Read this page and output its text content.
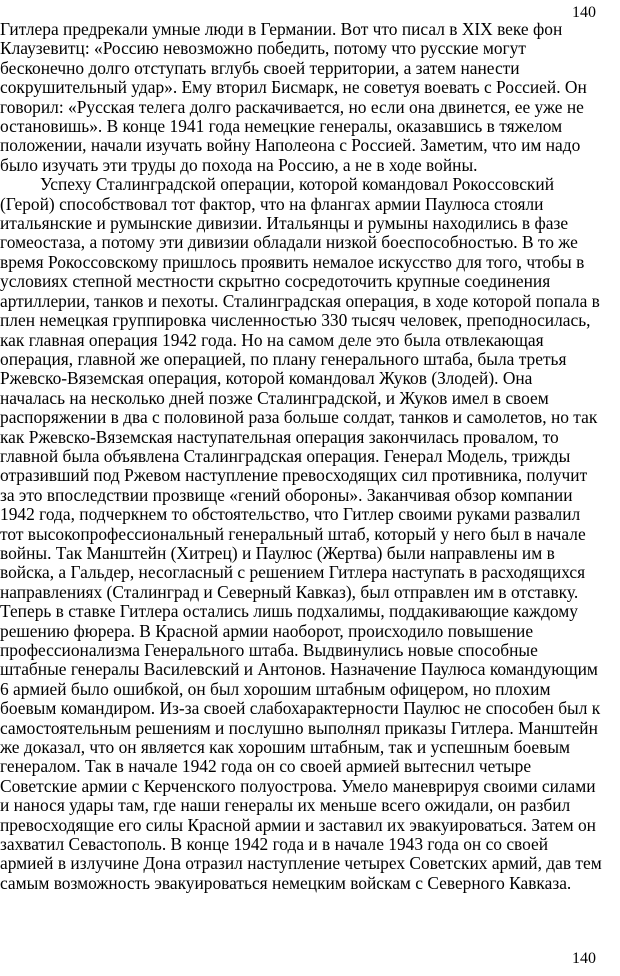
140
Гитлера предрекали умные люди в Германии. Вот что писал в XIX веке фон
Клаузевитц: «Россию невозможно победить, потому что русские могут
бесконечно долго отступать вглубь своей территории, а затем нанести
сокрушительный удар». Ему вторил Бисмарк, не советуя воевать с Россией. Он
говорил: «Русская телега долго раскачивается, но если она двинется, ее уже не
остановишь». В конце 1941 года немецкие генералы, оказавшись в тяжелом
положении, начали изучать войну Наполеона с Россией. Заметим, что им надо
было изучать эти труды до похода на Россию, а не в ходе войны.
Успеху Сталинградской операции, которой командовал Рокоссовский
(Герой) способствовал тот фактор, что на флангах армии Паулюса стояли
итальянские и румынские дивизии. Итальянцы и румыны находились в фазе
гомеостаза, а потому эти дивизии обладали низкой боеспособностью. В то же
время Рокоссовскому пришлось проявить немалое искусство для того, чтобы в
условиях степной местности скрытно сосредоточить крупные соединения
артиллерии, танков и пехоты. Сталинградская операция, в ходе которой попала в
плен немецкая группировка численностью 330 тысяч человек, преподносилась,
как главная операция 1942 года. Но на самом деле это была отвлекающая
операция, главной же операцией, по плану генерального штаба, была третья
Ржевско-Вяземская операция, которой командовал Жуков (Злодей). Она
началась на несколько дней позже Сталинградской, и Жуков имел в своем
распоряжении в два с половиной раза больше солдат, танков и самолетов, но так
как Ржевско-Вяземская наступательная операция закончилась провалом, то
главной была объявлена Сталинградская операция. Генерал Модель, трижды
отразивший под Ржевом наступление превосходящих сил противника, получит
за это впоследствии прозвище «гений обороны». Заканчивая обзор компании
1942 года, подчеркнем то обстоятельство, что Гитлер своими руками развалил
тот высокопрофессиональный генеральный штаб, который у него был в начале
войны. Так Манштейн (Хитрец) и Паулюс (Жертва) были направлены им в
войска, а Гальдер, несогласный с решением Гитлера наступать в расходящихся
направлениях (Сталинград и Северный Кавказ), был отправлен им в отставку.
Теперь в ставке Гитлера остались лишь подхалимы, поддакивающие каждому
решению фюрера. В Красной армии наоборот, происходило повышение
профессионализма Генерального штаба. Выдвинулись новые способные
штабные генералы Василевский и Антонов. Назначение Паулюса командующим
6 армией было ошибкой, он был хорошим штабным офицером, но плохим
боевым командиром. Из-за своей слабохарактерности Паулюс не способен был к
самостоятельным решениям и послушно выполнял приказы Гитлера. Манштейн
же доказал, что он является как хорошим штабным, так и успешным боевым
генералом. Так в начале 1942 года он со своей армией вытеснил четыре
Советские армии с Керченского полуострова. Умело маневрируя своими силами
и нанося удары там, где наши генералы их меньше всего ожидали, он разбил
превосходящие его силы Красной армии и заставил их эвакуироваться. Затем он
захватил Севастополь. В конце 1942 года и в начале 1943 года он со своей
армией в излучине Дона отразил наступление четырех Советских армий, дав тем
самым возможность эвакуироваться немецким войскам с Северного Кавказа.
140
